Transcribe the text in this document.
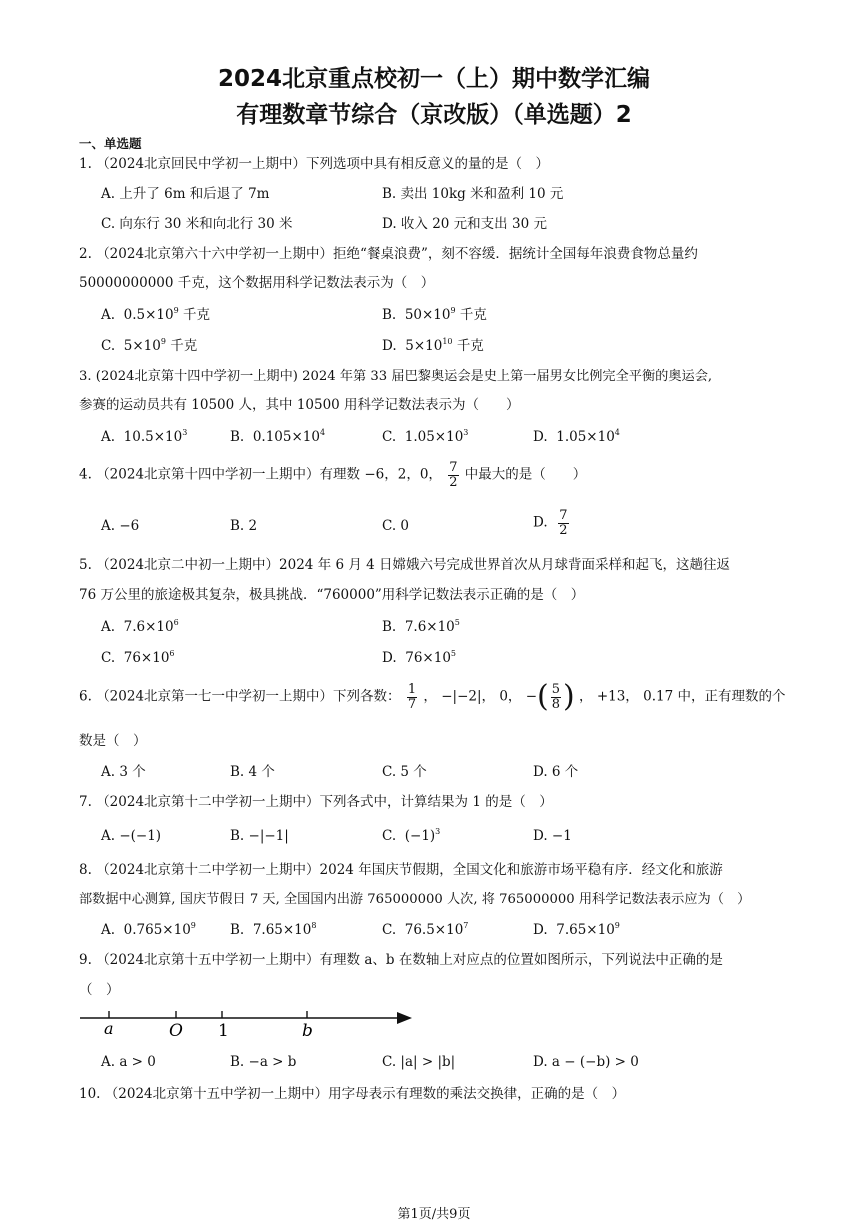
2024北京重点校初一（上）期中数学汇编
有理数章节综合（京改版）（单选题）2
一、单选题
1. （2024北京回民中学初一上期中）下列选项中具有相反意义的量的是（　）
A. 上升了 6m 和后退了 7m	B. 卖出 10kg 米和盈利 10 元
C. 向东行 30 米和向北行 30 米	D. 收入 20 元和支出 30 元
2. （2024北京第六十六中学初一上期中）拒绝“餐桌浪费”，刻不容缓．据统计全国每年浪费食物总量约
50000000000 千克，这个数据用科学记数法表示为（　）
A. $0.5\times 10^9$ 千克	B. $50\times 10^9$ 千克
C. $5\times 10^9$ 千克	D. $5\times 10^{10}$ 千克
3. (2024北京第十四中学初一上期中) 2024 年第 33 届巴黎奥运会是史上第一届男女比例完全平衡的奥运会,
参赛的运动员共有 10500 人，其中 10500 用科学记数法表示为（　　）
A. $10.5\times 10^3$	B. $0.105\times 10^4$	C. $1.05\times 10^3$	D. $1.05\times 10^4$
4. （2024北京第十四中学初一上期中）有理数 −6，2，0， $\frac{7}{2}$ 中最大的是（　　）
A. −6	B. 2	C. 0	D. $\frac{7}{2}$
5. （2024北京二中初一上期中）2024 年 6 月 4 日嫦娥六号完成世界首次从月球背面采样和起飞，这趟往返
76 万公里的旅途极其复杂，极具挑战．“760000”用科学记数法表示正确的是（　）
A. $7.6\times 10^6$	B. $7.6\times 10^5$
C. $76\times 10^6$	D. $76\times 10^5$
6. （2024北京第一七一中学初一上期中）下列各数： $\frac{1}{7}$ ， −|−2|， 0， −( $\frac{5}{8}$ ) ， +13， 0.17 中，正有理数的个
数是（　）
A. 3 个	B. 4 个	C. 5 个	D. 6 个
7. （2024北京第十二中学初一上期中）下列各式中，计算结果为 1 的是（　）
A. −(−1)	B. −|−1|	C. $(-1)^3$	D. −1
8. （2024北京第十二中学初一上期中）2024 年国庆节假期，全国文化和旅游市场平稳有序．经文化和旅游
部数据中心测算, 国庆节假日 7 天, 全国国内出游 765000000 人次, 将 765000000 用科学记数法表示应为（　）
A. $0.765\times 10^9$	B. $7.65\times 10^8$	C. $76.5\times 10^7$	D. $7.65\times 10^9$
9. （2024北京第十五中学初一上期中）有理数 a、b 在数轴上对应点的位置如图所示，下列说法中正确的是
（　）
a	O 1	b
A. a > 0	B. −a > b	C. |a| > |b|	D. a − (−b) > 0
10. （2024北京第十五中学初一上期中）用字母表示有理数的乘法交换律，正确的是（　）
第1页/共9页
